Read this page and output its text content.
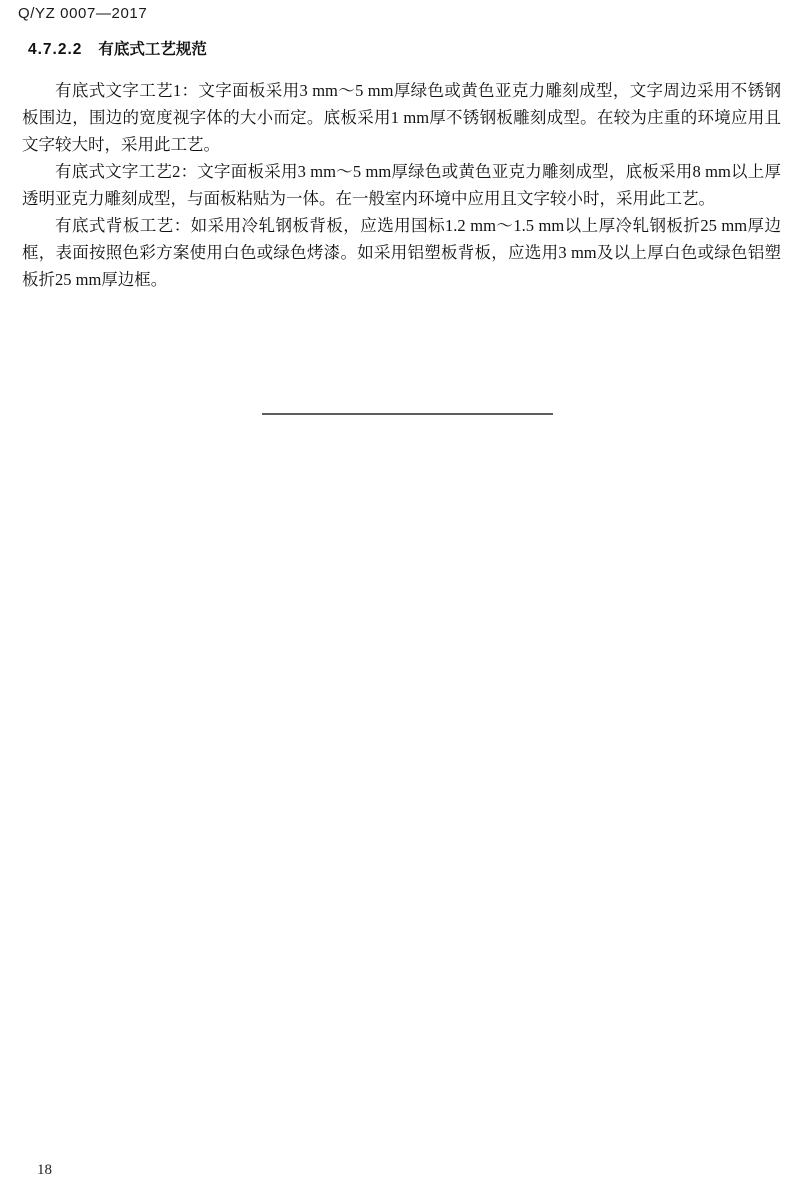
Q/YZ 0007—2017
4.7.2.2 有底式工艺规范

有底式文字工艺1：文字面板采用3 mm～5 mm厚绿色或黄色亚克力雕刻成型，文字周边采用不锈钢板围边，围边的宽度视字体的大小而定。底板采用1 mm厚不锈钢板雕刻成型。在较为庄重的环境应用且文字较大时，采用此工艺。

有底式文字工艺2：文字面板采用3 mm～5 mm厚绿色或黄色亚克力雕刻成型，底板采用8 mm以上厚透明亚克力雕刻成型，与面板粘贴为一体。在一般室内环境中应用且文字较小时，采用此工艺。

有底式背板工艺：如采用冷轧钢板背板，应选用国标1.2 mm～1.5 mm以上厚冷轧钢板折25 mm厚边框，表面按照色彩方案使用白色或绿色烤漆。如采用铝塑板背板，应选用3 mm及以上厚白色或绿色铝塑板折25 mm厚边框。

18
